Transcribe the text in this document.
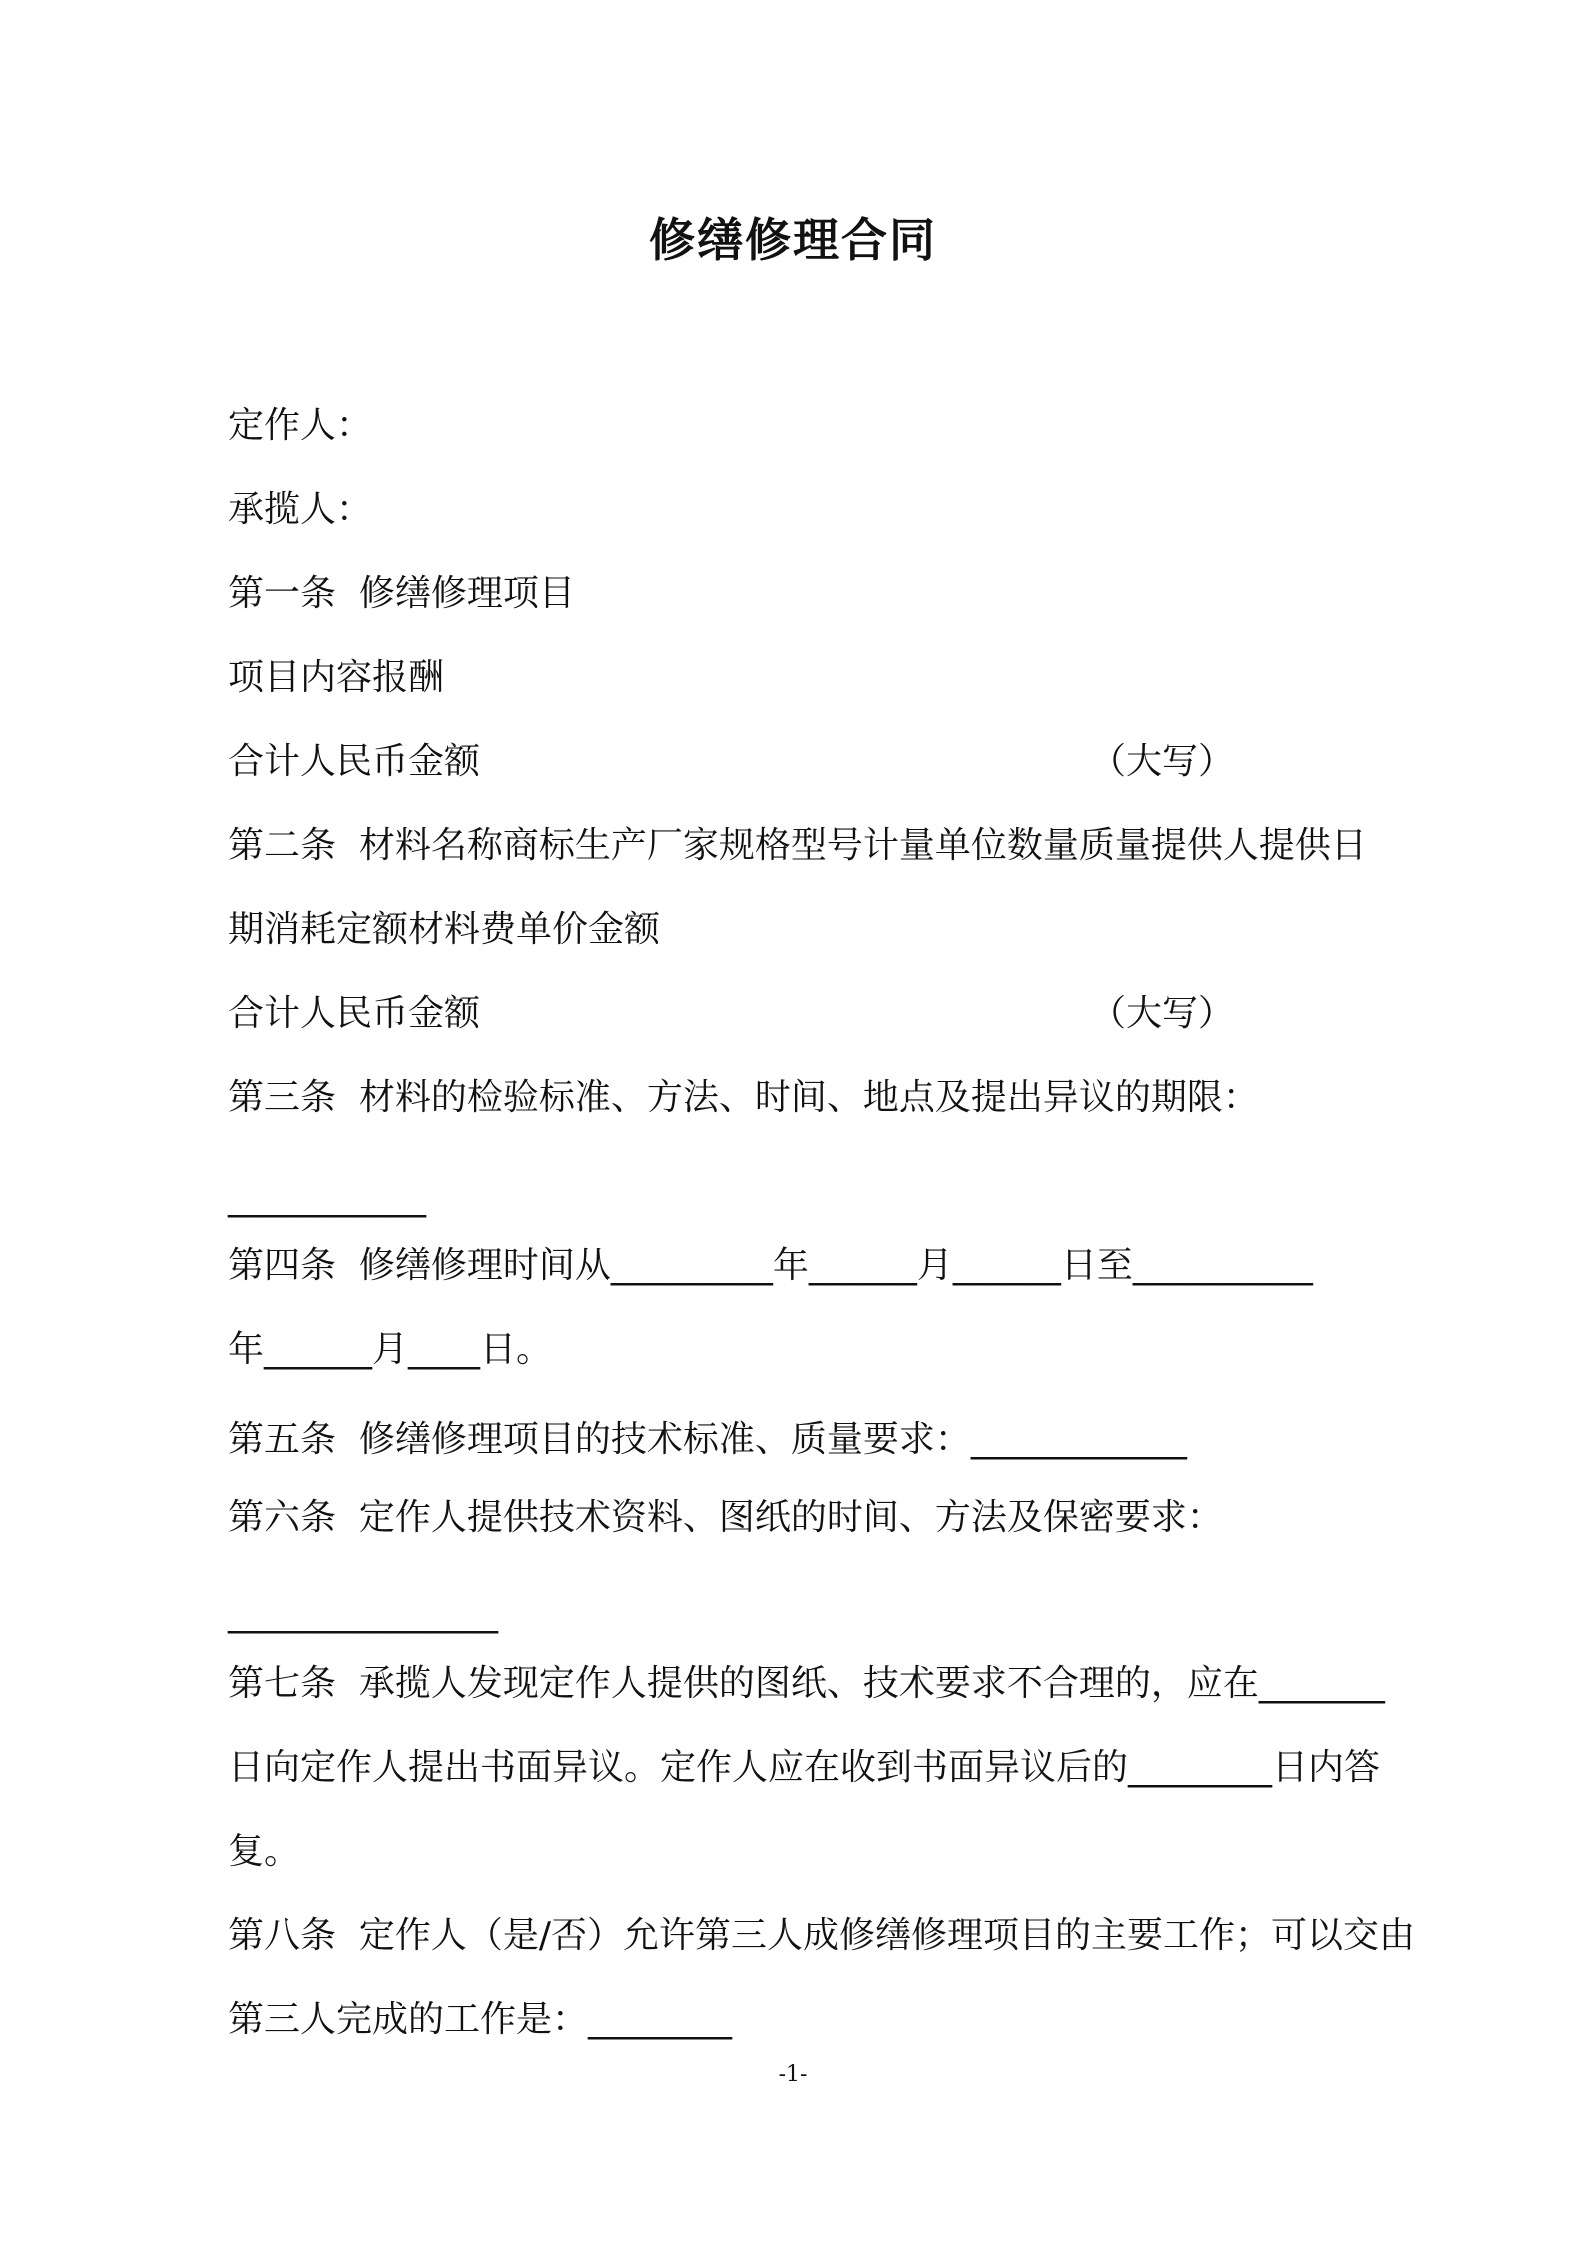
修缮修理合同
定作人：
承揽人：
第一条  修缮修理项目
项目内容报酬
合计人民币金额	（大写）
第二条  材料名称商标生产厂家规格型号计量单位数量质量提供人提供日
期消耗定额材料费单价金额
合计人民币金额	（大写）
第三条  材料的检验标准、方法、时间、地点及提出异议的期限：
___________
第四条  修缮修理时间从_________年______月______日至__________
年______月____日。
第五条  修缮修理项目的技术标准、质量要求：____________
第六条  定作人提供技术资料、图纸的时间、方法及保密要求：
_______________
第七条  承揽人发现定作人提供的图纸、技术要求不合理的，应在_______
日向定作人提出书面异议。定作人应在收到书面异议后的________日内答
复。
第八条  定作人（是/否）允许第三人成修缮修理项目的主要工作；可以交由
第三人完成的工作是：________
-1-
